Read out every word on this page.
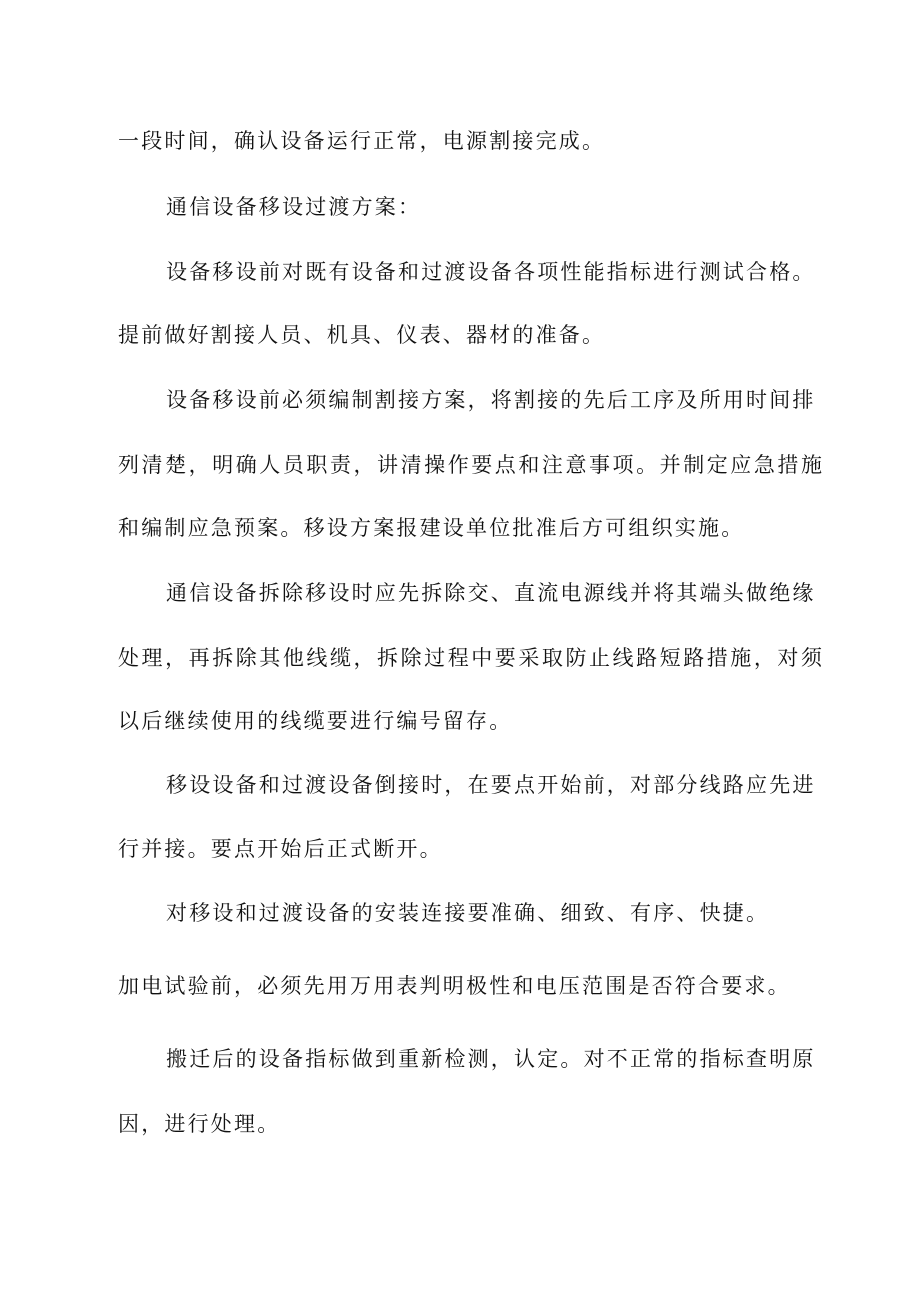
一段时间，确认设备运行正常，电源割接完成。
通信设备移设过渡方案：
设备移设前对既有设备和过渡设备各项性能指标进行测试合格。
提前做好割接人员、机具、仪表、器材的准备。
设备移设前必须编制割接方案，将割接的先后工序及所用时间排
列清楚，明确人员职责，讲清操作要点和注意事项。并制定应急措施
和编制应急预案。移设方案报建设单位批准后方可组织实施。
通信设备拆除移设时应先拆除交、直流电源线并将其端头做绝缘
处理，再拆除其他线缆，拆除过程中要采取防止线路短路措施，对须
以后继续使用的线缆要进行编号留存。
移设设备和过渡设备倒接时，在要点开始前，对部分线路应先进
行并接。要点开始后正式断开。
对移设和过渡设备的安装连接要准确、细致、有序、快捷。
加电试验前，必须先用万用表判明极性和电压范围是否符合要求。
搬迁后的设备指标做到重新检测，认定。对不正常的指标查明原
因，进行处理。
